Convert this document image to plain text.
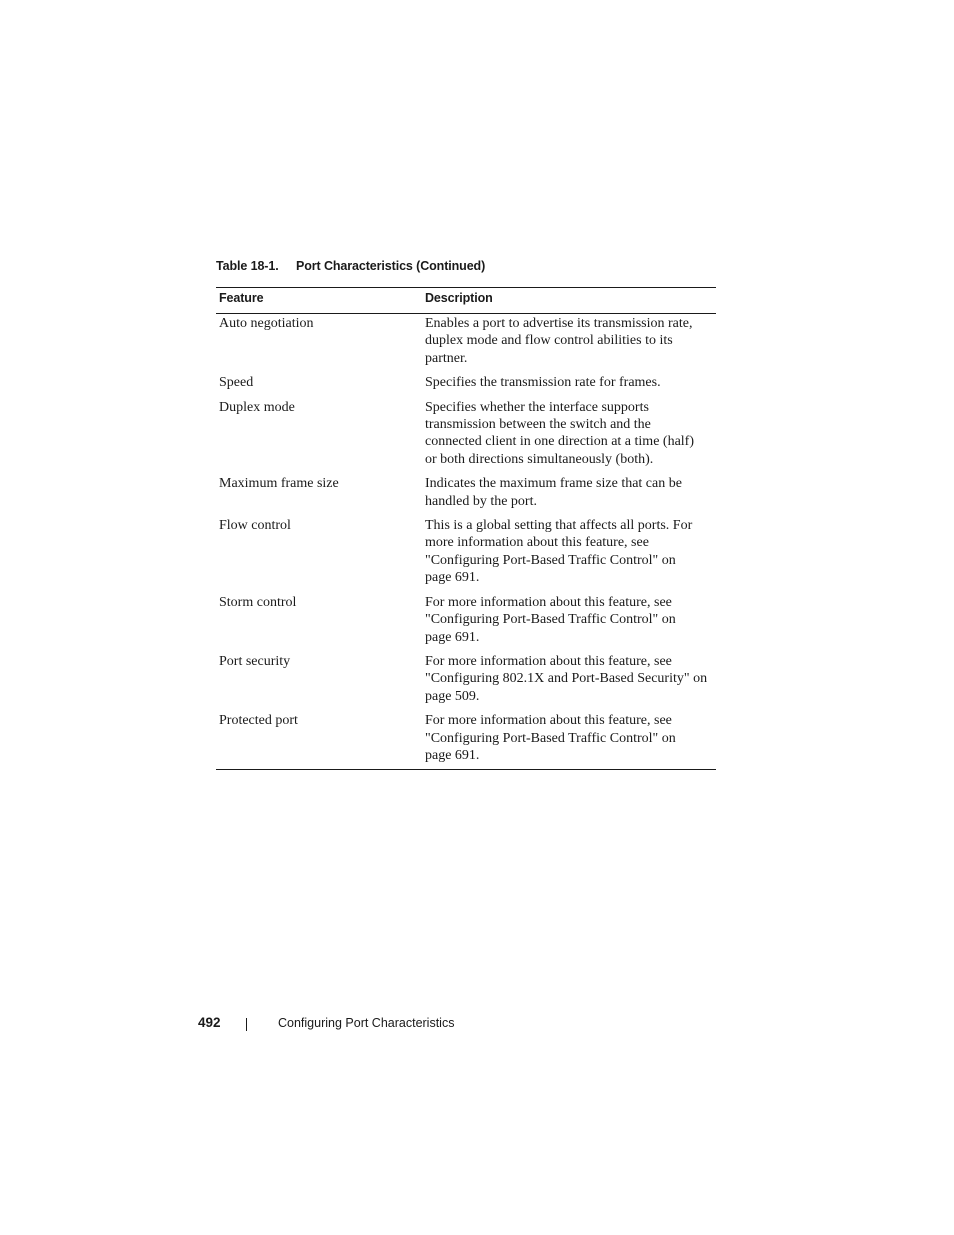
Table 18-1. Port Characteristics (Continued)
Feature	Description
Auto negotiation	Enables a port to advertise its transmission rate,
duplex mode and flow control abilities to its
partner.
Speed	Specifies the transmission rate for frames.
Duplex mode	Specifies whether the interface supports
transmission between the switch and the
connected client in one direction at a time (half)
or both directions simultaneously (both).
Maximum frame size	Indicates the maximum frame size that can be
handled by the port.
Flow control	This is a global setting that affects all ports. For
more information about this feature, see
"Configuring Port-Based Traffic Control" on
page 691.
Storm control	For more information about this feature, see
"Configuring Port-Based Traffic Control" on
page 691.
Port security	For more information about this feature, see
"Configuring 802.1X and Port-Based Security" on
page 509.
Protected port	For more information about this feature, see
"Configuring Port-Based Traffic Control" on
page 691.
492	Configuring Port Characteristics
